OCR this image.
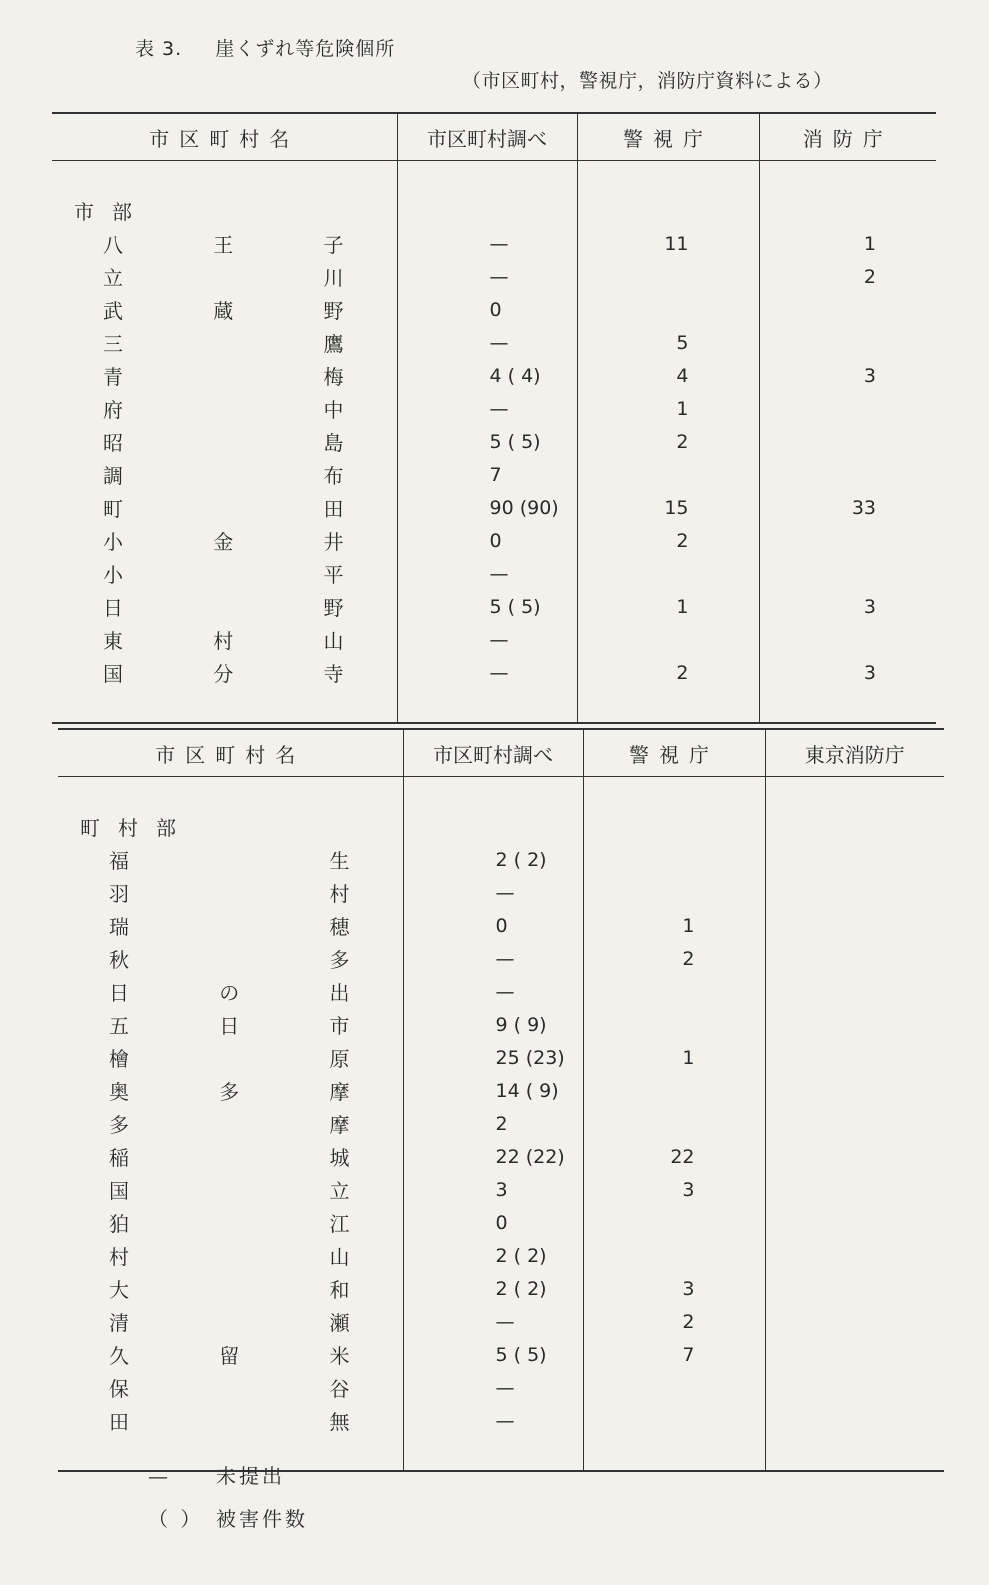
表 3. 崖くずれ等危険個所
（市区町村，警視庁，消防庁資料による）
市区町村名	市区町村調べ	警視庁	消防庁

市部			

八 王 子	—	11	1

立 川	—		2

武 蔵 野	0		

三 鷹	—	5	

青 梅	4 ( 4)	4	3

府 中	—	1	

昭 島	5 ( 5)	2	

調 布	7		

町 田	90 (90)	15	33

小 金 井	0	2	

小 平	—		

日 野	5 ( 5)	1	3

東 村 山	—		

国 分 寺	—	2	3

市区町村名	市区町村調べ	警視庁	東京消防庁

町村部			

福 生	2 ( 2)		

羽 村	—		

瑞 穂	0	1	

秋 多	—	2	

日 の 出	—		

五 日 市	9 ( 9)		

檜 原	25 (23)	1	

奥 多 摩	14 ( 9)		

多 摩	2		

稲 城	22 (22)	22	

国 立	3	3	

狛 江	0		

村 山	2 ( 2)		

大 和	2 ( 2)	3	

清 瀬	—	2	

久 留 米	5 ( 5)	7	

保 谷	—		

田 無	—		

— 未提出
（ ） 被害件数
